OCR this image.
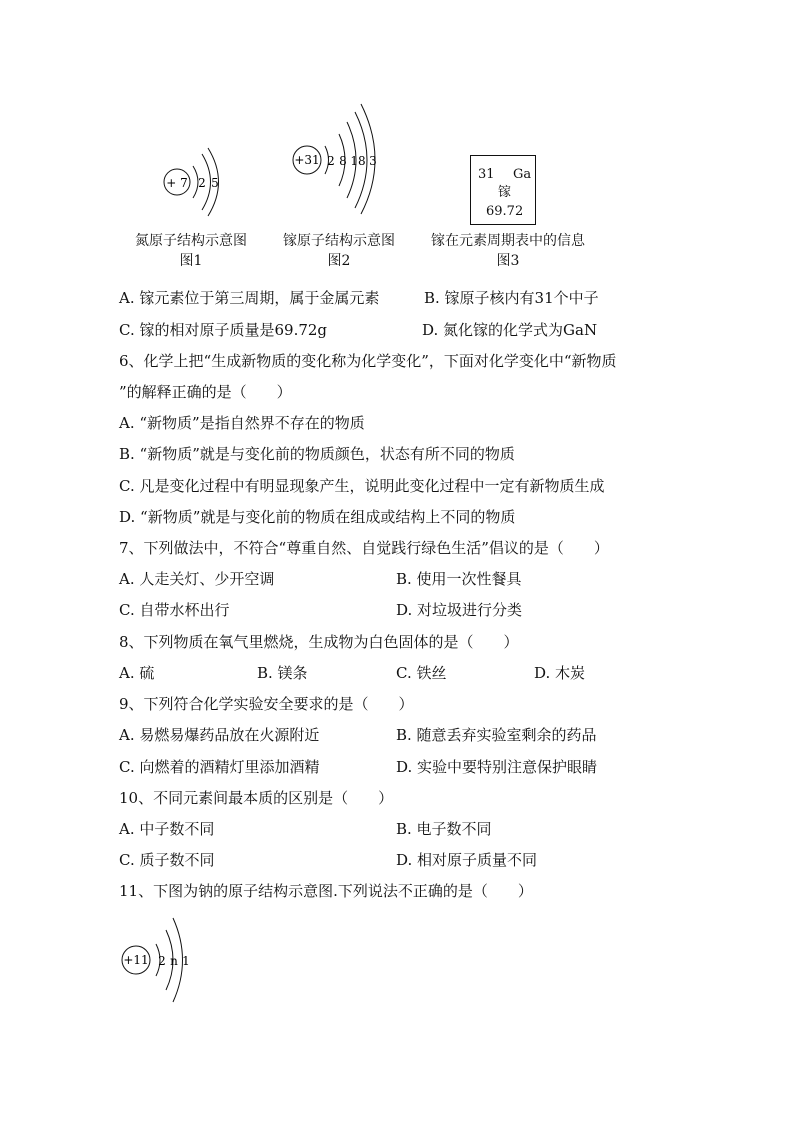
+ 7 2 5
氮原子结构示意图
图1
+31 2 8 18 3
镓原子结构示意图
图2
31 Ga
镓
69.72
镓在元素周期表中的信息
图3
A. 镓元素位于第三周期，属于金属元素	B. 镓原子核内有31个中子
C. 镓的相对原子质量是69.72g	D. 氮化镓的化学式为GaN
6、化学上把“生成新物质的变化称为化学变化”，下面对化学变化中“新物质
”的解释正确的是（　　）
A. “新物质”是指自然界不存在的物质
B. “新物质”就是与变化前的物质颜色，状态有所不同的物质
C. 凡是变化过程中有明显现象产生，说明此变化过程中一定有新物质生成
D. “新物质”就是与变化前的物质在组成或结构上不同的物质
7、下列做法中，不符合“尊重自然、自觉践行绿色生活”倡议的是（　　）
A. 人走关灯、少开空调	B. 使用一次性餐具
C. 自带水杯出行	D. 对垃圾进行分类
8、下列物质在氧气里燃烧，生成物为白色固体的是（　　）
A. 硫	B. 镁条	C. 铁丝	D. 木炭
9、下列符合化学实验安全要求的是（　　）
A. 易燃易爆药品放在火源附近	B. 随意丢弃实验室剩余的药品
C. 向燃着的酒精灯里添加酒精	D. 实验中要特别注意保护眼睛
10、不同元素间最本质的区别是（　　）
A. 中子数不同	B. 电子数不同
C. 质子数不同	D. 相对原子质量不同
11、下图为钠的原子结构示意图.下列说法不正确的是（　　）
+11 2 n 1
